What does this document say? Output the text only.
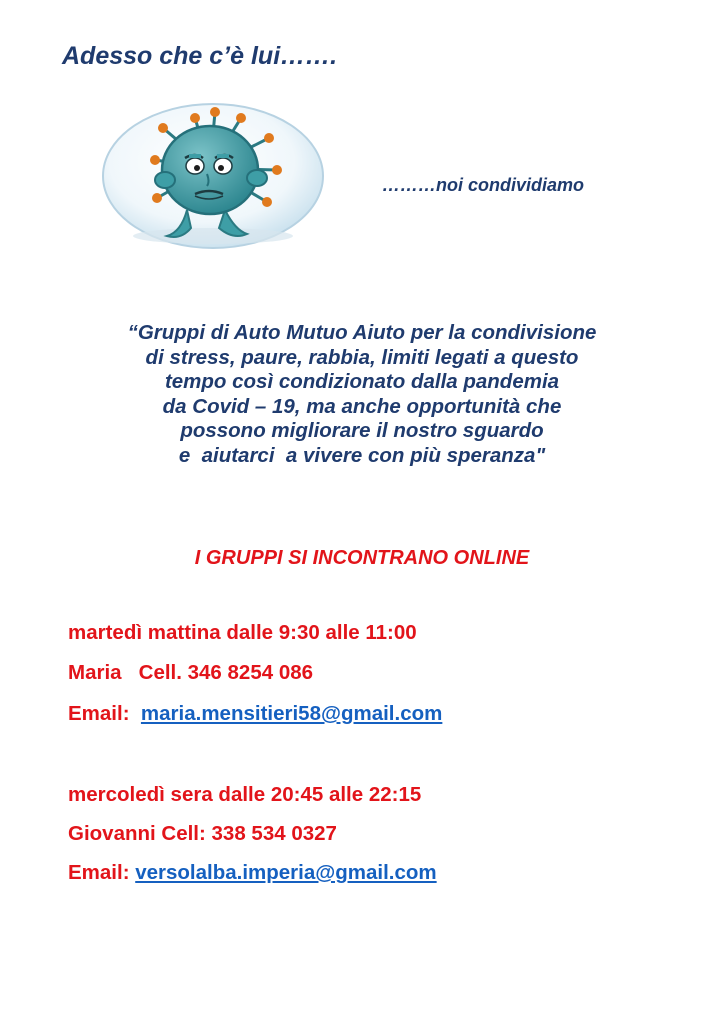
Adesso che c’è lui…….
………noi condividiamo
“Gruppi di Auto Mutuo Aiuto per la condivisione
di stress, paure, rabbia, limiti legati a questo
tempo così condizionato dalla pandemia
da Covid – 19, ma anche opportunità che
possono migliorare il nostro sguardo
e  aiutarci  a vivere con più speranza"
I GRUPPI SI INCONTRANO ONLINE
martedì mattina dalle 9:30 alle 11:00
Maria   Cell. 346 8254 086
Email:  maria.mensitieri58@gmail.com
mercoledì sera dalle 20:45 alle 22:15
Giovanni Cell: 338 534 0327
Email: versolalba.imperia@gmail.com
